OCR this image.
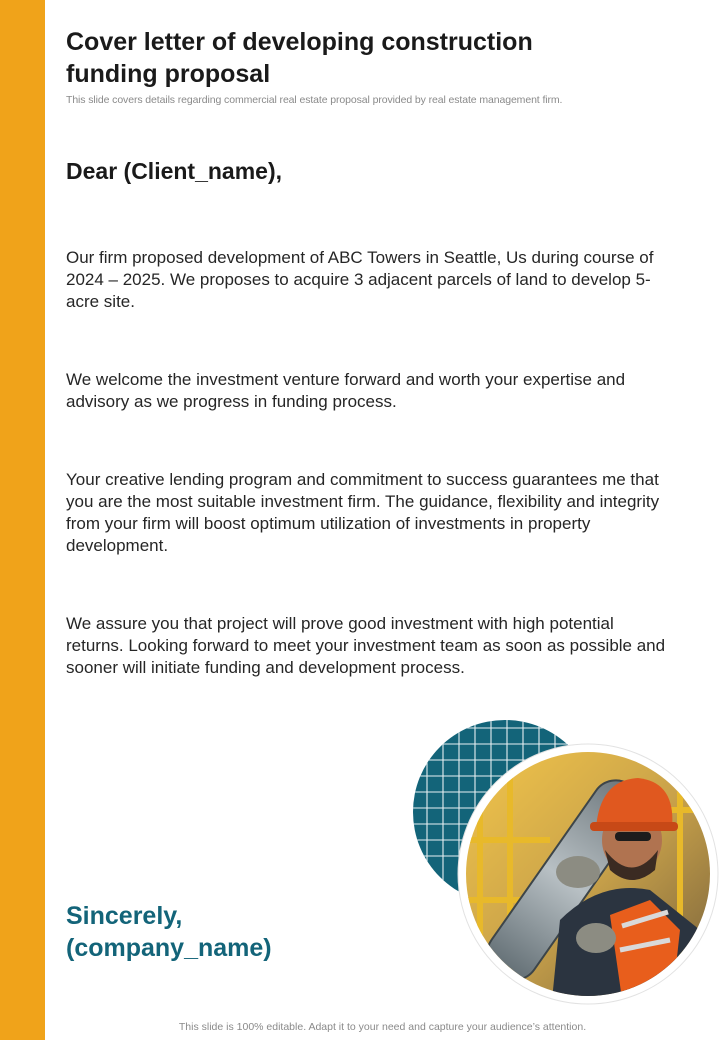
Cover letter of developing construction funding proposal
This slide covers details regarding commercial real estate proposal provided by real estate management firm.
Dear (Client_name),

Our firm proposed development of ABC Towers in Seattle, Us during course of 2024 – 2025. We proposes to acquire 3 adjacent parcels of land to develop 5-acre site.

We welcome the investment venture forward and worth your expertise and advisory as we progress in funding process.

Your creative lending program and commitment to success guarantees me that you are the most suitable investment firm. The guidance, flexibility and integrity from your firm will boost optimum utilization of investments in property development.

We assure you that project will prove good investment with high potential returns. Looking forward to meet your investment team as soon as possible and sooner will initiate funding and development process.

Sincerely,
(company_name)
This slide is 100% editable. Adapt it to your need and capture your audience’s attention.
